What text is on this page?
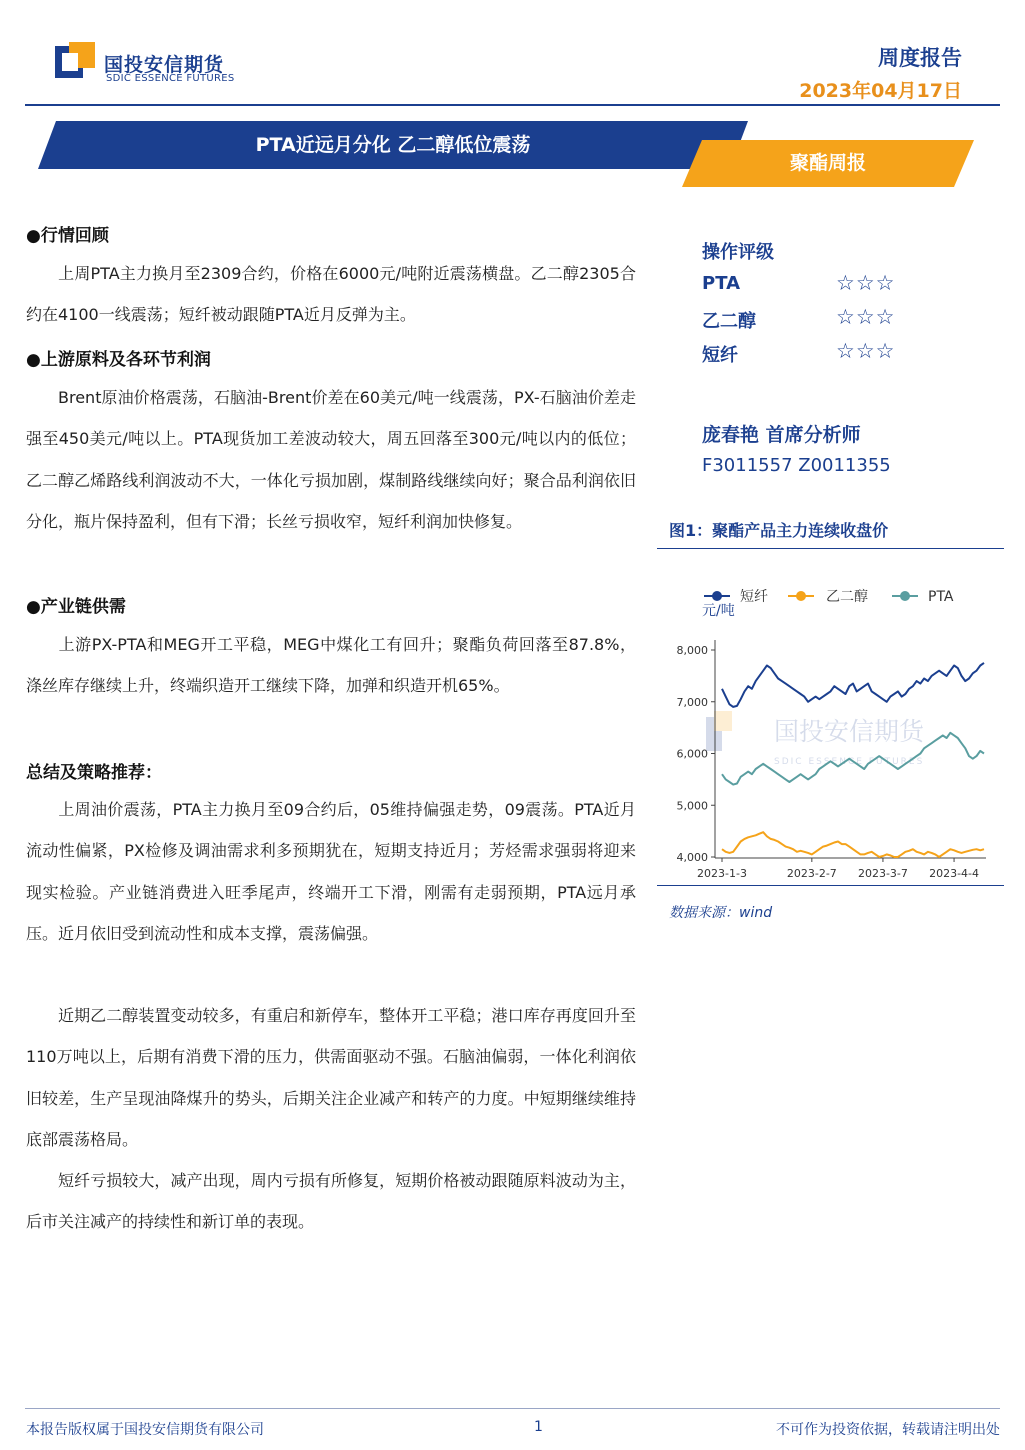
国投安信期货
SDIC ESSENCE FUTURES
周度报告
2023年04月17日
PTA近远月分化 乙二醇低位震荡
聚酯周报
●行情回顾

上周PTA主力换月至2309合约，价格在6000元/吨附近震荡横盘。乙二醇2305合约在4100一线震荡；短纤被动跟随PTA近月反弹为主。

●上游原料及各环节利润

Brent原油价格震荡，石脑油-Brent价差在60美元/吨一线震荡，PX-石脑油价差走强至450美元/吨以上。PTA现货加工差波动较大，周五回落至300元/吨以内的低位；乙二醇乙烯路线利润波动不大，一体化亏损加剧，煤制路线继续向好；聚合品利润依旧分化，瓶片保持盈利，但有下滑；长丝亏损收窄，短纤利润加快修复。

●产业链供需

上游PX-PTA和MEG开工平稳，MEG中煤化工有回升；聚酯负荷回落至87.8%，涤丝库存继续上升，终端织造开工继续下降，加弹和织造开机65%。

总结及策略推荐：

上周油价震荡，PTA主力换月至09合约后，05维持偏强走势，09震荡。PTA近月流动性偏紧，PX检修及调油需求利多预期犹在，短期支持近月；芳烃需求强弱将迎来现实检验。产业链消费进入旺季尾声，终端开工下滑，刚需有走弱预期，PTA远月承压。近月依旧受到流动性和成本支撑，震荡偏强。

近期乙二醇装置变动较多，有重启和新停车，整体开工平稳；港口库存再度回升至110万吨以上，后期有消费下滑的压力，供需面驱动不强。石脑油偏弱，一体化利润依旧较差，生产呈现油降煤升的势头，后期关注企业减产和转产的力度。中短期继续维持底部震荡格局。

短纤亏损较大，减产出现，周内亏损有所修复，短期价格被动跟随原料波动为主，后市关注减产的持续性和新订单的表现。

操作评级
PTA	☆☆☆
乙二醇	☆☆☆
短纤	☆☆☆
庞春艳 首席分析师
F3011557 Z0011355
图1：聚酯产品主力连续收盘价
国投安信期货
SDIC ESSENCE FUTURES
短纤	乙二醇	PTA
元/吨
4,000
5,000
6,000
7,000
8,000
2023-1-3	2023-2-7 2023-3-7 2023-4-4
数据来源：wind
本报告版权属于国投安信期货有限公司	1	不可作为投资依据，转载请注明出处
